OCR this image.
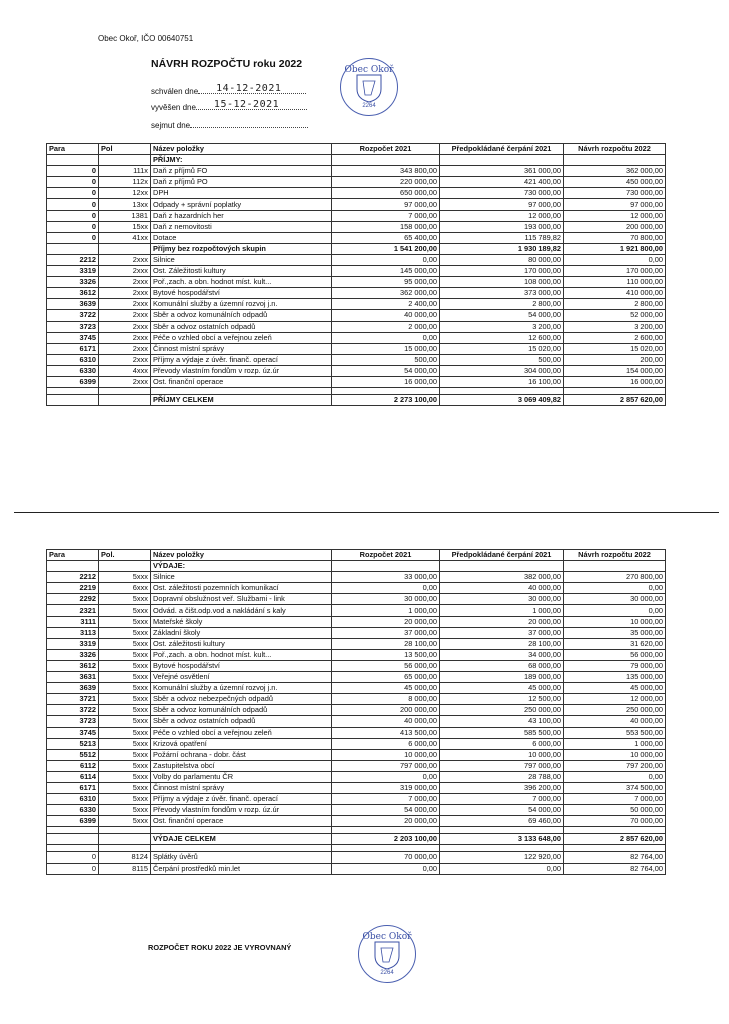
Obec Okoř, IČO 00640751
NÁVRH ROZPOČTU roku 2022
schválen dne 14-12-2021
vyvěšen dne 15-12-2021
sejmut dne
Obec Okoř
2264
Para	Pol	Název položky	Rozpočet 2021	Předpokládané čerpání 2021	Návrh rozpočtu 2022
		PŘÍJMY:			
0	111x	Daň z příjmů FO	343 800,00	361 000,00	362 000,00
0	112x	Daň z příjmů PO	220 000,00	421 400,00	450 000,00
0	12xx	DPH	650 000,00	730 000,00	730 000,00
0	13xx	Odpady + správní poplatky	97 000,00	97 000,00	97 000,00
0	1381	Daň z hazardních her	7 000,00	12 000,00	12 000,00
0	15xx	Daň z nemovitosti	158 000,00	193 000,00	200 000,00
0	41xx	Dotace	65 400,00	115 789,82	70 800,00
		Příjmy bez rozpočtových skupin	1 541 200,00	1 930 189,82	1 921 800,00
2212	2xxx	Silnice	0,00	80 000,00	0,00
3319	2xxx	Ost. Záležitosti kultury	145 000,00	170 000,00	170 000,00
3326	2xxx	Poř.,zach. a obn. hodnot míst. kult...	95 000,00	108 000,00	110 000,00
3612	2xxx	Bytové hospodářství	362 000,00	373 000,00	410 000,00
3639	2xxx	Komunální služby a územní rozvoj j.n.	2 400,00	2 800,00	2 800,00
3722	2xxx	Sběr a odvoz komunálních odpadů	40 000,00	54 000,00	52 000,00
3723	2xxx	Sběr a odvoz ostatních odpadů	2 000,00	3 200,00	3 200,00
3745	2xxx	Péče o vzhled obcí a veřejnou zeleň	0,00	12 600,00	2 600,00
6171	2xxx	Činnost místní správy	15 000,00	15 020,00	15 020,00
6310	2xxx	Příjmy a výdaje z úvěr. finanč. operací	500,00	500,00	200,00
6330	4xxx	Převody vlastním fondům v rozp. úz.úr	54 000,00	304 000,00	154 000,00
6399	2xxx	Ost. finanční operace	16 000,00	16 100,00	16 000,00

		PŘÍJMY CELKEM	2 273 100,00	3 069 409,82	2 857 620,00
Para	Pol.	Název položky	Rozpočet 2021	Předpokládané čerpání 2021	Návrh rozpočtu 2022
		VÝDAJE:			
2212	5xxx	Silnice	33 000,00	382 000,00	270 800,00
2219	6xxx	Ost. záležitosti pozemních komunikací	0,00	40 000,00	0,00
2292	5xxx	Dopravní obslužnost veř. Službami - link	30 000,00	30 000,00	30 000,00
2321	5xxx	Odvád. a čišt.odp.vod a nakládání s kaly	1 000,00	1 000,00	0,00
3111	5xxx	Mateřské školy	20 000,00	20 000,00	10 000,00
3113	5xxx	Základní školy	37 000,00	37 000,00	35 000,00
3319	5xxx	Ost. záležitosti kultury	28 100,00	28 100,00	31 620,00
3326	5xxx	Poř.,zach. a obn. hodnot míst. kult...	13 500,00	34 000,00	56 000,00
3612	5xxx	Bytové hospodářství	56 000,00	68 000,00	79 000,00
3631	5xxx	Veřejné osvětlení	65 000,00	189 000,00	135 000,00
3639	5xxx	Komunální služby a územní rozvoj j.n.	45 000,00	45 000,00	45 000,00
3721	5xxx	Sběr a odvoz nebezpečných odpadů	8 000,00	12 500,00	12 000,00
3722	5xxx	Sběr a odvoz komunálních odpadů	200 000,00	250 000,00	250 000,00
3723	5xxx	Sběr a odvoz ostatních odpadů	40 000,00	43 100,00	40 000,00
3745	5xxx	Péče o vzhled obcí a veřejnou zeleň	413 500,00	585 500,00	553 500,00
5213	5xxx	Krizová opatření	6 000,00	6 000,00	1 000,00
5512	5xxx	Požární ochrana - dobr. část	10 000,00	10 000,00	10 000,00
6112	5xxx	Zastupitelstva obcí	797 000,00	797 000,00	797 200,00
6114	5xxx	Volby do parlamentu ČR	0,00	28 788,00	0,00
6171	5xxx	Činnost místní správy	319 000,00	396 200,00	374 500,00
6310	5xxx	Příjmy a výdaje z úvěr. finanč. operací	7 000,00	7 000,00	7 000,00
6330	5xxx	Převody vlastním fondům v rozp. úz.úr	54 000,00	54 000,00	50 000,00
6399	5xxx	Ost. finanční operace	20 000,00	69 460,00	70 000,00

		VÝDAJE CELKEM	2 203 100,00	3 133 648,00	2 857 620,00

0	8124	Splátky úvěrů	70 000,00	122 920,00	82 764,00
0	8115	Čerpání prostředků min.let	0,00	0,00	82 764,00
ROZPOČET ROKU 2022 JE VYROVNANÝ
Obec Okoř
2264
